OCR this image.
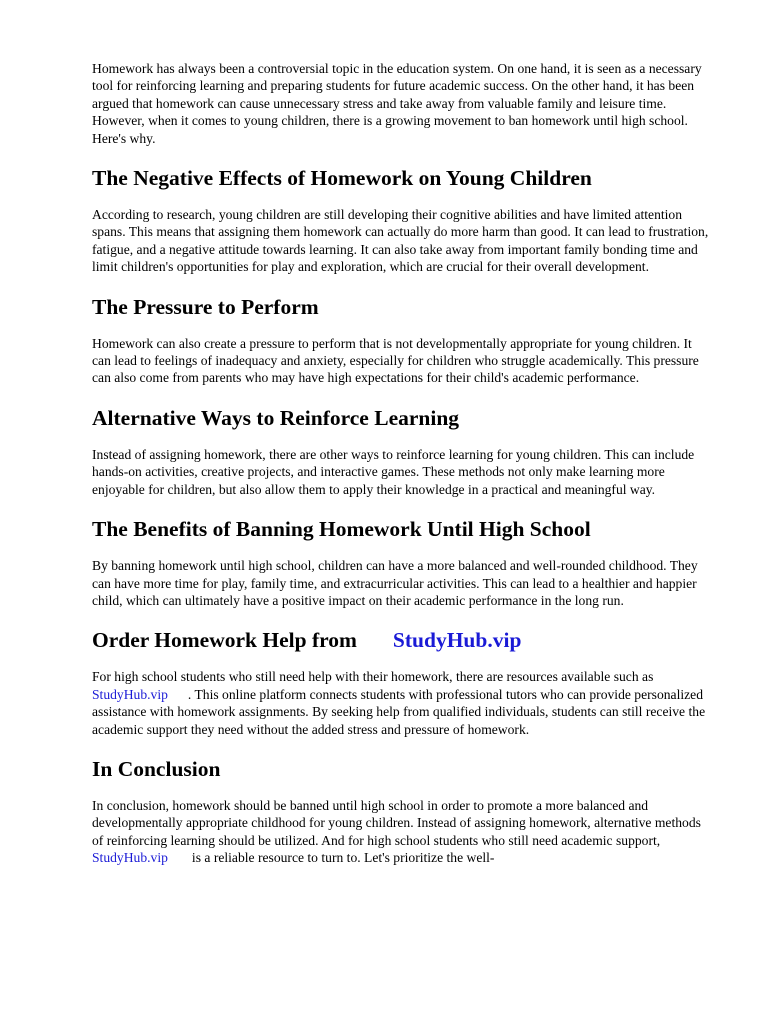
Homework has always been a controversial topic in the education system. On one hand, it is seen as a necessary tool for reinforcing learning and preparing students for future academic success. On the other hand, it has been argued that homework can cause unnecessary stress and take away from valuable family and leisure time. However, when it comes to young children, there is a growing movement to ban homework until high school. Here's why.

The Negative Effects of Homework on Young Children

According to research, young children are still developing their cognitive abilities and have limited attention spans. This means that assigning them homework can actually do more harm than good. It can lead to frustration, fatigue, and a negative attitude towards learning. It can also take away from important family bonding time and limit children's opportunities for play and exploration, which are crucial for their overall development.

The Pressure to Perform

Homework can also create a pressure to perform that is not developmentally appropriate for young children. It can lead to feelings of inadequacy and anxiety, especially for children who struggle academically. This pressure can also come from parents who may have high expectations for their child's academic performance.

Alternative Ways to Reinforce Learning

Instead of assigning homework, there are other ways to reinforce learning for young children. This can include hands-on activities, creative projects, and interactive games. These methods not only make learning more enjoyable for children, but also allow them to apply their knowledge in a practical and meaningful way.

The Benefits of Banning Homework Until High School

By banning homework until high school, children can have a more balanced and well-rounded childhood. They can have more time for play, family time, and extracurricular activities. This can lead to a healthier and happier child, which can ultimately have a positive impact on their academic performance in the long run.

Order Homework Help from StudyHub.vip

For high school students who still need help with their homework, there are resources available such asStudyHub.vip . This online platform connects students with professional tutors who can provide personalized assistance with homework assignments. By seeking help from qualified individuals, students can still receive the academic support they need without the added stress and pressure of homework.

In Conclusion

In conclusion, homework should be banned until high school in order to promote a more balanced and developmentally appropriate childhood for young children. Instead of assigning homework, alternative methods of reinforcing learning should be utilized. And for high school students who still need academic support,StudyHub.vip is a reliable resource to turn to. Let's prioritize the well-
